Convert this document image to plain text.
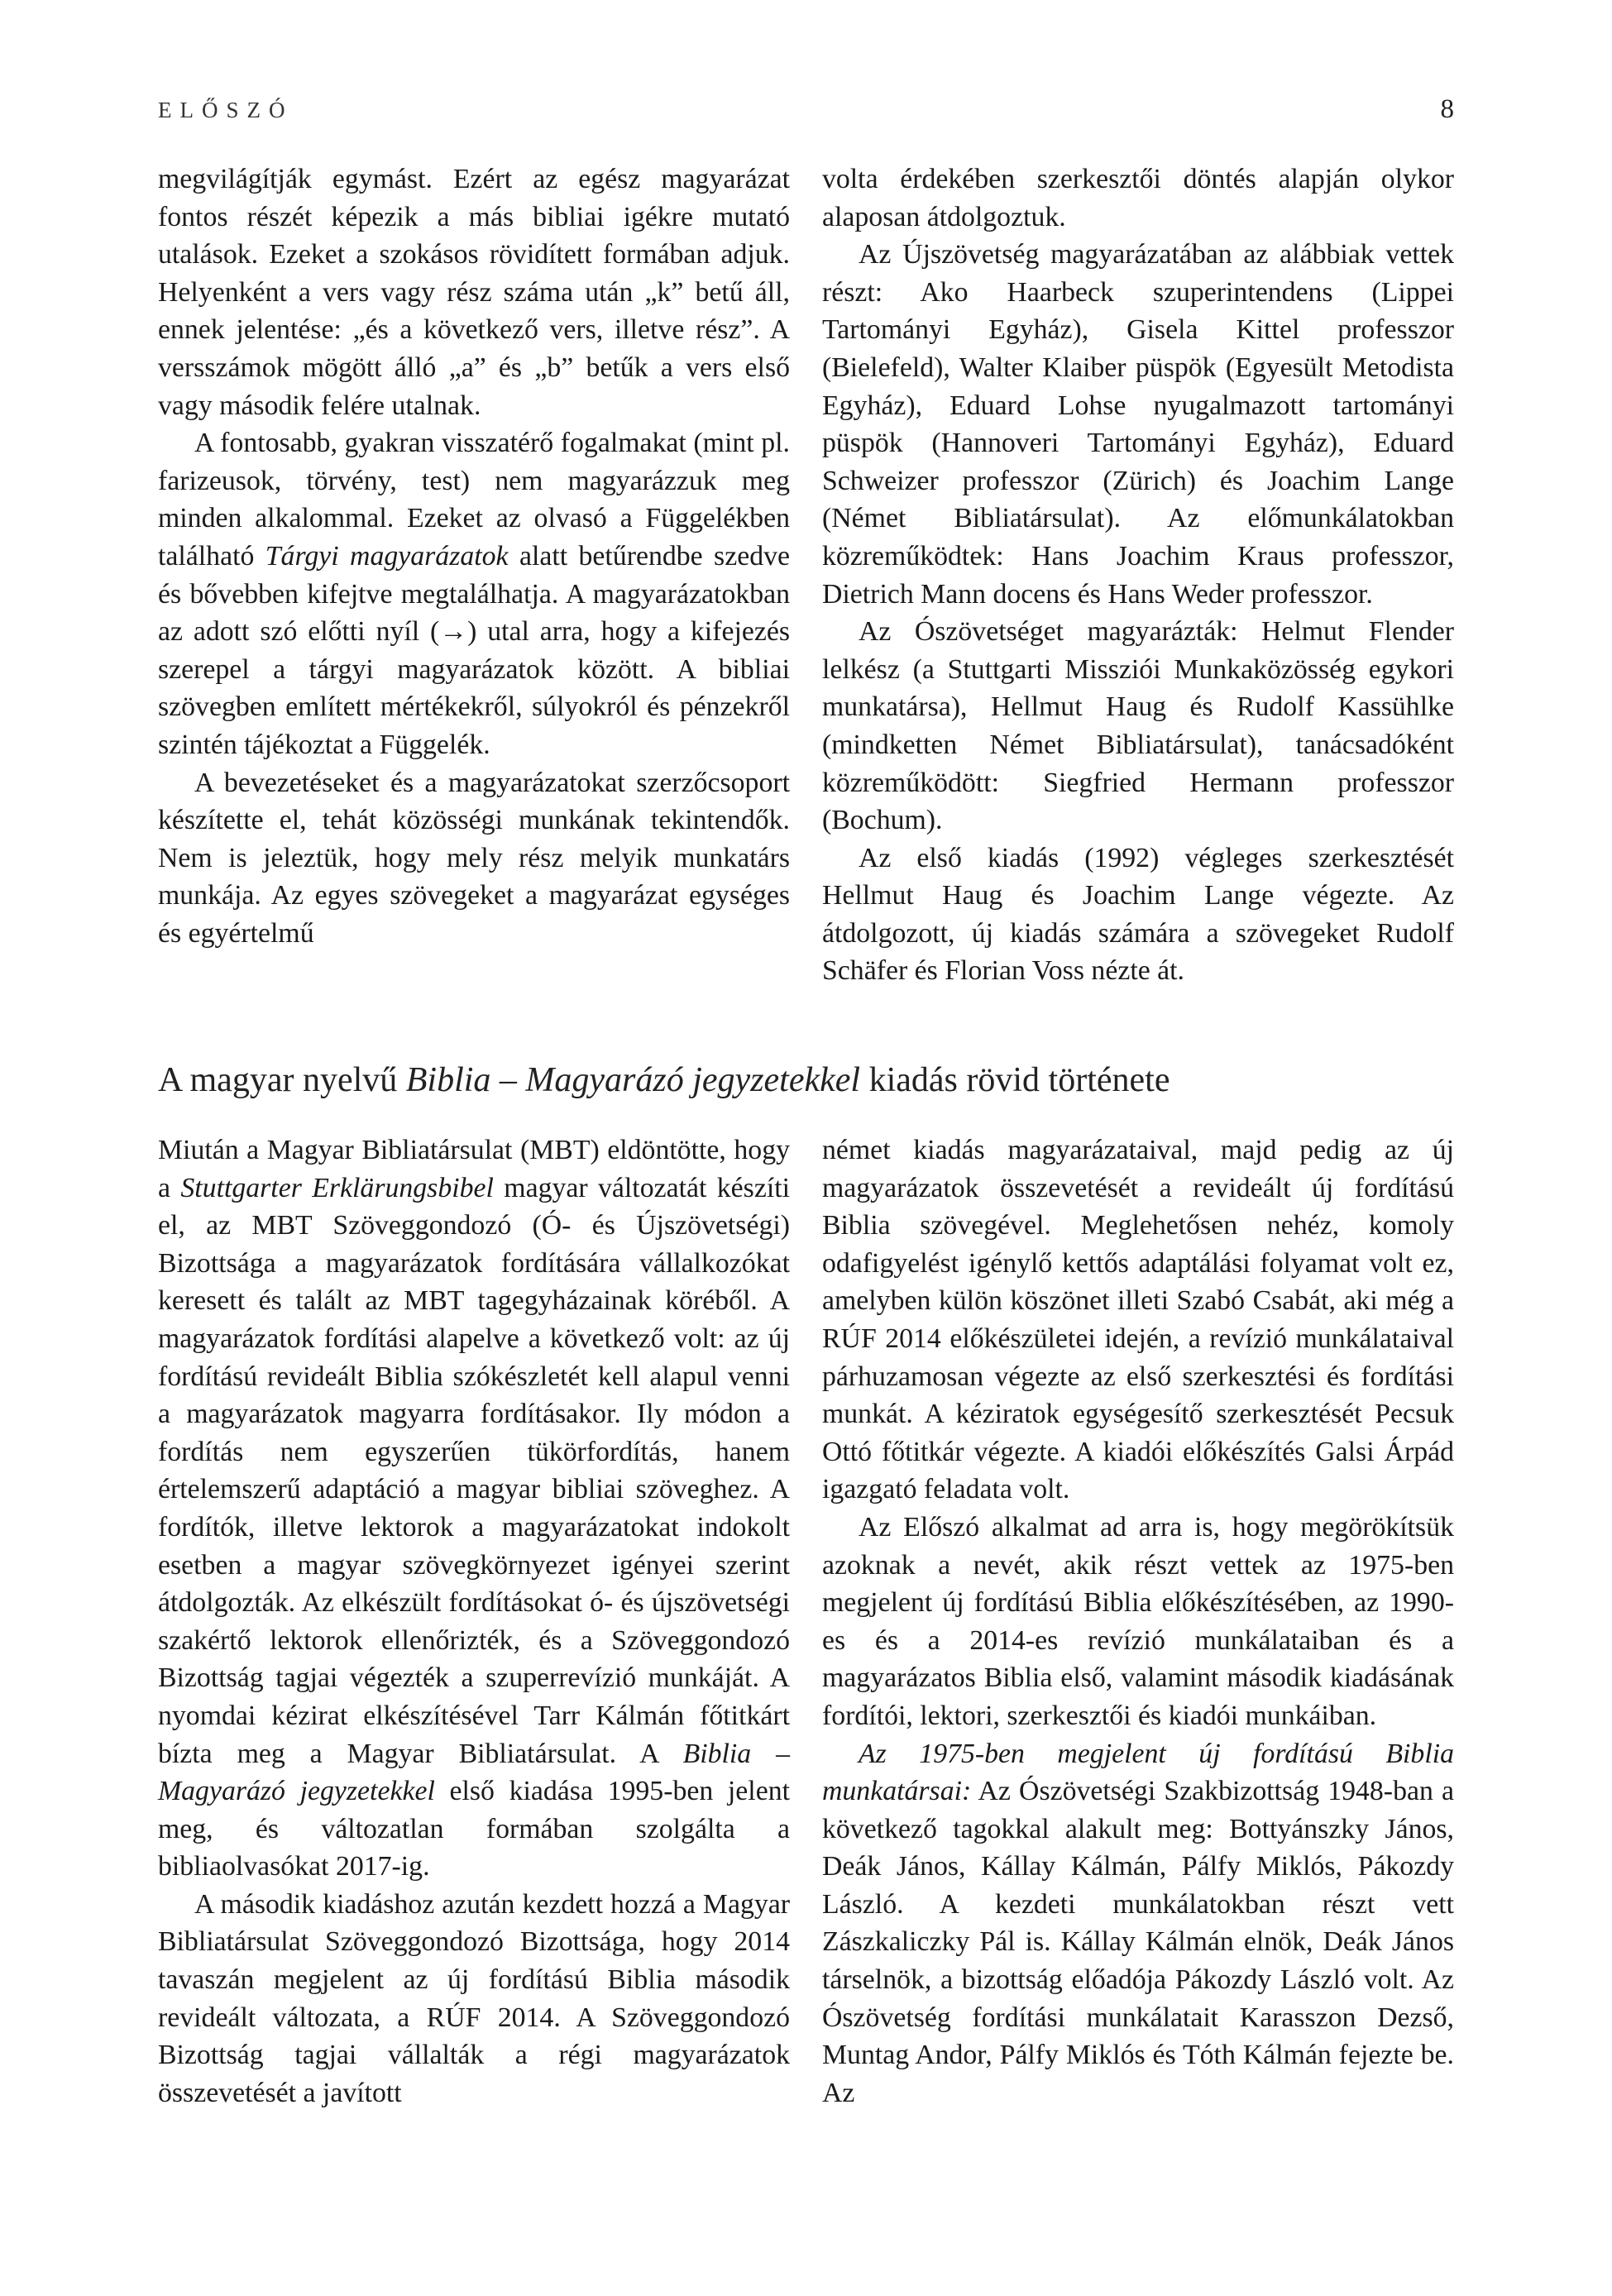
ELŐSZÓ	8

megvilágítják egymást. Ezért az egész magyarázat fontos részét képezik a más bibliai igékre mutató utalások. Ezeket a szokásos rövidített formában adjuk. Helyenként a vers vagy rész száma után „k” betű áll, ennek jelentése: „és a következő vers, illetve rész”. A versszámok mögött álló „a” és „b” betűk a vers első vagy második felére utalnak.

A fontosabb, gyakran visszatérő fogalmakat (mint pl. farizeusok, törvény, test) nem magyarázzuk meg minden alkalommal. Ezeket az olvasó a Függelékben található Tárgyi magyarázatok alatt betűrendbe szedve és bővebben kifejtve megtalálhatja. A magyarázatokban az adott szó előtti nyíl (→) utal arra, hogy a kifejezés szerepel a tárgyi magyarázatok között. A bibliai szövegben említett mértékekről, súlyokról és pénzekről szintén tájékoztat a Függelék.

A bevezetéseket és a magyarázatokat szerzőcsoport készítette el, tehát közösségi munkának tekintendők. Nem is jeleztük, hogy mely rész melyik munkatárs munkája. Az egyes szövegeket a magyarázat egységes és egyértelmű

volta érdekében szerkesztői döntés alapján olykor alaposan átdolgoztuk.

Az Újszövetség magyarázatában az alábbiak vettek részt: Ako Haarbeck szuperintendens (Lippei Tartományi Egyház), Gisela Kittel professzor (Bielefeld), Walter Klaiber püspök (Egyesült Metodista Egyház), Eduard Lohse nyugalmazott tartományi püspök (Hannoveri Tartományi Egyház), Eduard Schweizer professzor (Zürich) és Joachim Lange (Német Bibliatársulat). Az előmunkálatokban közreműködtek: Hans Joachim Kraus professzor, Dietrich Mann docens és Hans Weder professzor.

Az Ószövetséget magyarázták: Helmut Flender lelkész (a Stuttgarti Missziói Munkaközösség egykori munkatársa), Hellmut Haug és Rudolf Kassühlke (mindketten Német Bibliatársulat), tanácsadóként közreműködött: Siegfried Hermann professzor (Bochum).

Az első kiadás (1992) végleges szerkesztését Hellmut Haug és Joachim Lange végezte. Az átdolgozott, új kiadás számára a szövegeket Rudolf Schäfer és Florian Voss nézte át.

A magyar nyelvű Biblia – Magyarázó jegyzetekkel kiadás rövid története

Miután a Magyar Bibliatársulat (MBT) eldöntötte, hogy a Stuttgarter Erklärungsbibel magyar változatát készíti el, az MBT Szöveggondozó (Ó- és Újszövetségi) Bizottsága a magyarázatok fordítására vállalkozókat keresett és talált az MBT tagegyházainak köréből. A magyarázatok fordítási alapelve a következő volt: az új fordítású revideált Biblia szókészletét kell alapul venni a magyarázatok magyarra fordításakor. Ily módon a fordítás nem egyszerűen tükörfordítás, hanem értelemszerű adaptáció a magyar bibliai szöveghez. A fordítók, illetve lektorok a magyarázatokat indokolt esetben a magyar szövegkörnyezet igényei szerint átdolgozták. Az elkészült fordításokat ó- és újszövetségi szakértő lektorok ellenőrizték, és a Szöveggondozó Bizottság tagjai végezték a szuperrevízió munkáját. A nyomdai kézirat elkészítésével Tarr Kálmán főtitkárt bízta meg a Magyar Bibliatársulat. A Biblia – Magyarázó jegyzetekkel első kiadása 1995-ben jelent meg, és változatlan formában szolgálta a bibliaolvasókat 2017-ig.

A második kiadáshoz azután kezdett hozzá a Magyar Bibliatársulat Szöveggondozó Bizottsága, hogy 2014 tavaszán megjelent az új fordítású Biblia második revideált változata, a RÚF 2014. A Szöveggondozó Bizottság tagjai vállalták a régi magyarázatok összevetését a javított

német kiadás magyarázataival, majd pedig az új magyarázatok összevetését a revideált új fordítású Biblia szövegével. Meglehetősen nehéz, komoly odafigyelést igénylő kettős adaptálási folyamat volt ez, amelyben külön köszönet illeti Szabó Csabát, aki még a RÚF 2014 előkészületei idején, a revízió munkálataival párhuzamosan végezte az első szerkesztési és fordítási munkát. A kéziratok egységesítő szerkesztését Pecsuk Ottó főtitkár végezte. A kiadói előkészítés Galsi Árpád igazgató feladata volt.

Az Előszó alkalmat ad arra is, hogy megörökítsük azoknak a nevét, akik részt vettek az 1975-ben megjelent új fordítású Biblia előkészítésében, az 1990-es és a 2014-es revízió munkálataiban és a magyarázatos Biblia első, valamint második kiadásának fordítói, lektori, szerkesztői és kiadói munkáiban.

Az 1975-ben megjelent új fordítású Biblia munkatársai: Az Ószövetségi Szakbizottság 1948-ban a következő tagokkal alakult meg: Bottyánszky János, Deák János, Kállay Kálmán, Pálfy Miklós, Pákozdy László. A kezdeti munkálatokban részt vett Zászkaliczky Pál is. Kállay Kálmán elnök, Deák János társelnök, a bizottság előadója Pákozdy László volt. Az Ószövetség fordítási munkálatait Karasszon Dezső, Muntag Andor, Pálfy Miklós és Tóth Kálmán fejezte be. Az
